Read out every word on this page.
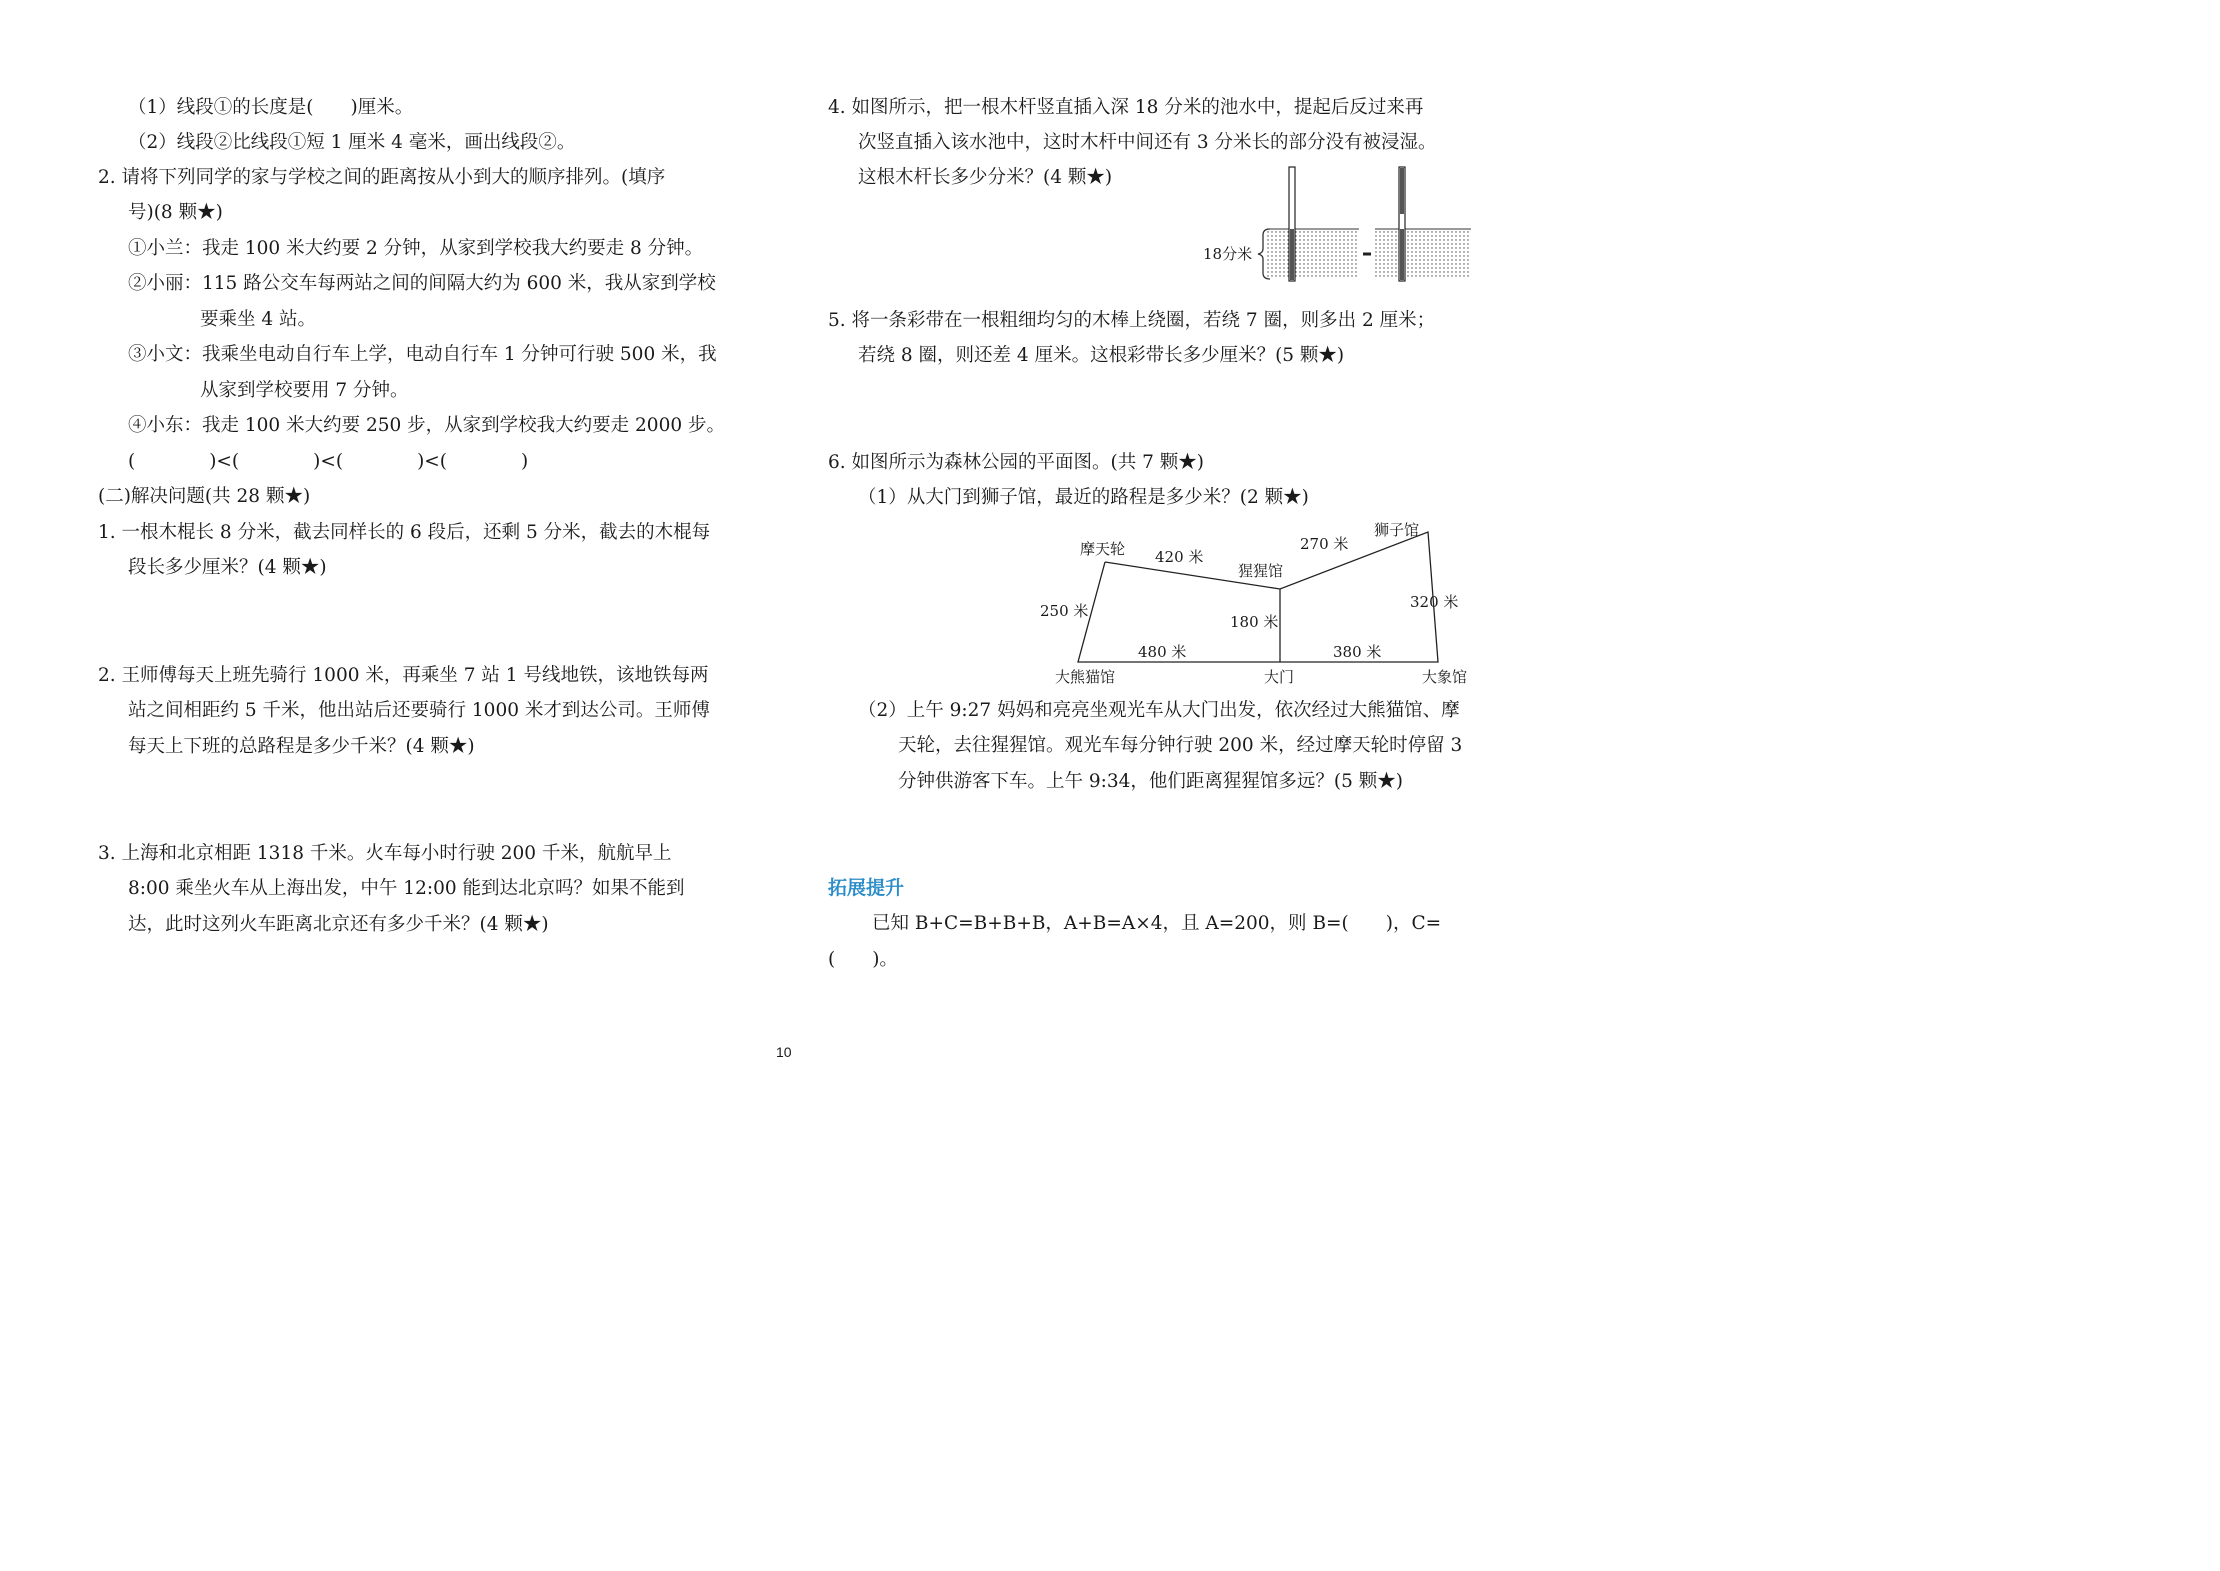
（1）线段①的长度是(　　)厘米。
（2）线段②比线段①短 1 厘米 4 毫米，画出线段②。
2. 请将下列同学的家与学校之间的距离按从小到大的顺序排列。(填序
号)(8 颗★)
①小兰：我走 100 米大约要 2 分钟，从家到学校我大约要走 8 分钟。
②小丽：115 路公交车每两站之间的间隔大约为 600 米，我从家到学校
要乘坐 4 站。
③小文：我乘坐电动自行车上学，电动自行车 1 分钟可行驶 500 米，我
从家到学校要用 7 分钟。
④小东：我走 100 米大约要 250 步，从家到学校我大约要走 2000 步。
(　　　　)<(　　　　)<(　　　　)<(　　　　)
(二)解决问题(共 28 颗★)
1. 一根木棍长 8 分米，截去同样长的 6 段后，还剩 5 分米，截去的木棍每
段长多少厘米？(4 颗★)
2. 王师傅每天上班先骑行 1000 米，再乘坐 7 站 1 号线地铁，该地铁每两
站之间相距约 5 千米，他出站后还要骑行 1000 米才到达公司。王师傅
每天上下班的总路程是多少千米？(4 颗★)
3. 上海和北京相距 1318 千米。火车每小时行驶 200 千米，航航早上
8:00 乘坐火车从上海出发，中午 12:00 能到达北京吗？如果不能到
达，此时这列火车距离北京还有多少千米？(4 颗★)
4. 如图所示，把一根木杆竖直插入深 18 分米的池水中，提起后反过来再
次竖直插入该水池中，这时木杆中间还有 3 分米长的部分没有被浸湿。
这根木杆长多少分米？(4 颗★)
18分米
5. 将一条彩带在一根粗细均匀的木棒上绕圈，若绕 7 圈，则多出 2 厘米；
若绕 8 圈，则还差 4 厘米。这根彩带长多少厘米？(5 颗★)
6. 如图所示为森林公园的平面图。(共 7 颗★)
（1）从大门到狮子馆，最近的路程是多少米？(2 颗★)
摩天轮 420 米
猩猩馆
270 米
狮子馆
250 米
180 米
320 米
480 米	380 米
大熊猫馆	大门	大象馆
（2）上午 9:27 妈妈和亮亮坐观光车从大门出发，依次经过大熊猫馆、摩
天轮，去往猩猩馆。观光车每分钟行驶 200 米，经过摩天轮时停留 3
分钟供游客下车。上午 9:34，他们距离猩猩馆多远？(5 颗★)
拓展提升
已知 B+C=B+B+B，A+B=A×4，且 A=200，则 B=(　　)，C=
(　　)。
10
